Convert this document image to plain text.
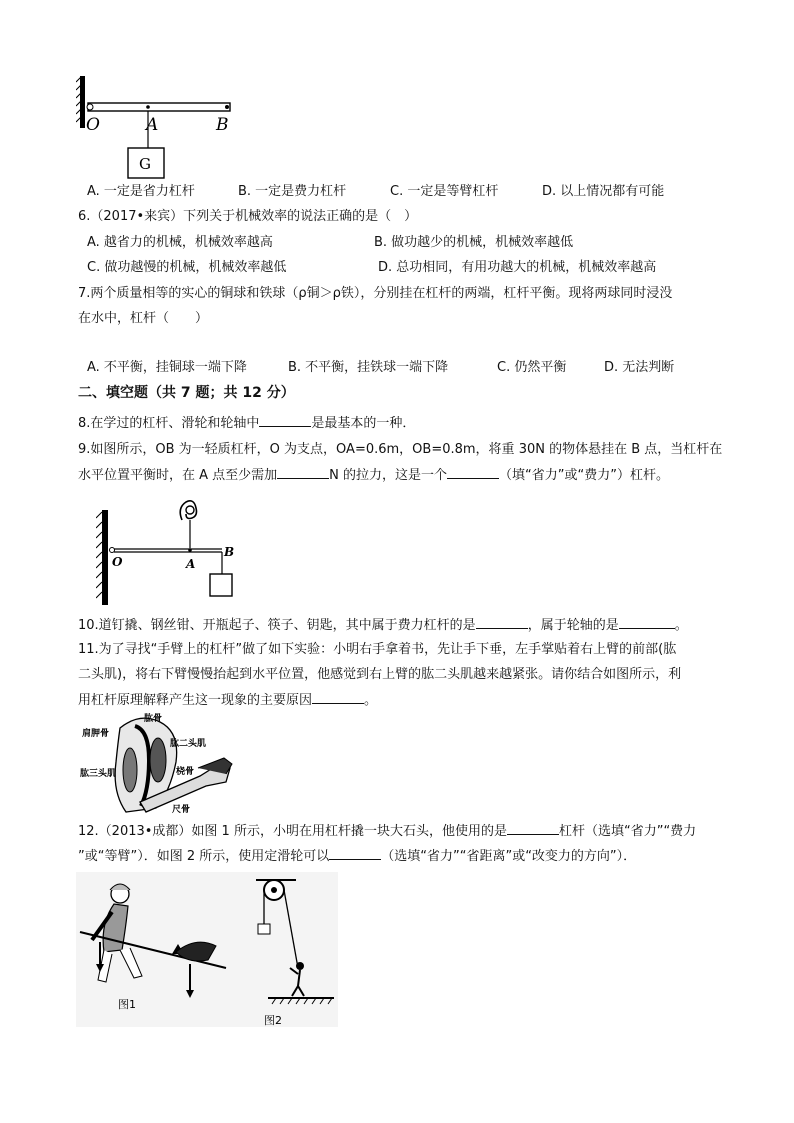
O	A	B
G
A. 一定是省力杠杆	B. 一定是费力杠杆	C. 一定是等臂杠杆	D. 以上情况都有可能
6.（2017•来宾）下列关于机械效率的说法正确的是（　）
A. 越省力的机械，机械效率越高	B. 做功越少的机械，机械效率越低
C. 做功越慢的机械，机械效率越低	D. 总功相同，有用功越大的机械，机械效率越高
7.两个质量相等的实心的铜球和铁球（ρ铜＞ρ铁），分别挂在杠杆的两端，杠杆平衡。现将两球同时浸没
在水中，杠杆（　　）
A. 不平衡，挂铜球一端下降	B. 不平衡，挂铁球一端下降	C. 仍然平衡	D. 无法判断
二、填空题（共 7 题；共 12 分）
8.在学过的杠杆、滑轮和轮轴中	是最基本的一种．
9.如图所示，OB 为一轻质杠杆，O 为支点，OA=0.6m，OB=0.8m，将重 30N 的物体悬挂在 B 点，当杠杆在
水平位置平衡时，在 A 点至少需加	N 的拉力，这是一个	（填“省力”或“费力”）杠杆。
O	A
B
10.道钉撬、钢丝钳、开瓶起子、筷子、钥匙，其中属于费力杠杆的是	，属于轮轴的是	。
11.为了寻找“手臂上的杠杆”做了如下实验：小明右手拿着书，先让手下垂，左手掌贴着右上臂的前部(肱
二头肌)，将右下臂慢慢抬起到水平位置，他感觉到右上臂的肱二头肌越来越紧张。请你结合如图所示，利
用杠杆原理解释产生这一现象的主要原因	。
肱骨
肩胛骨
肱二头肌
肱三头肌	桡骨
尺骨
12.（2013•成都）如图 1 所示，小明在用杠杆撬一块大石头，他使用的是	杠杆（选填“省力”“费力
”或“等臂”）．如图 2 所示，使用定滑轮可以	（选填“省力”“省距离”或“改变力的方向”）．
图1
图2
